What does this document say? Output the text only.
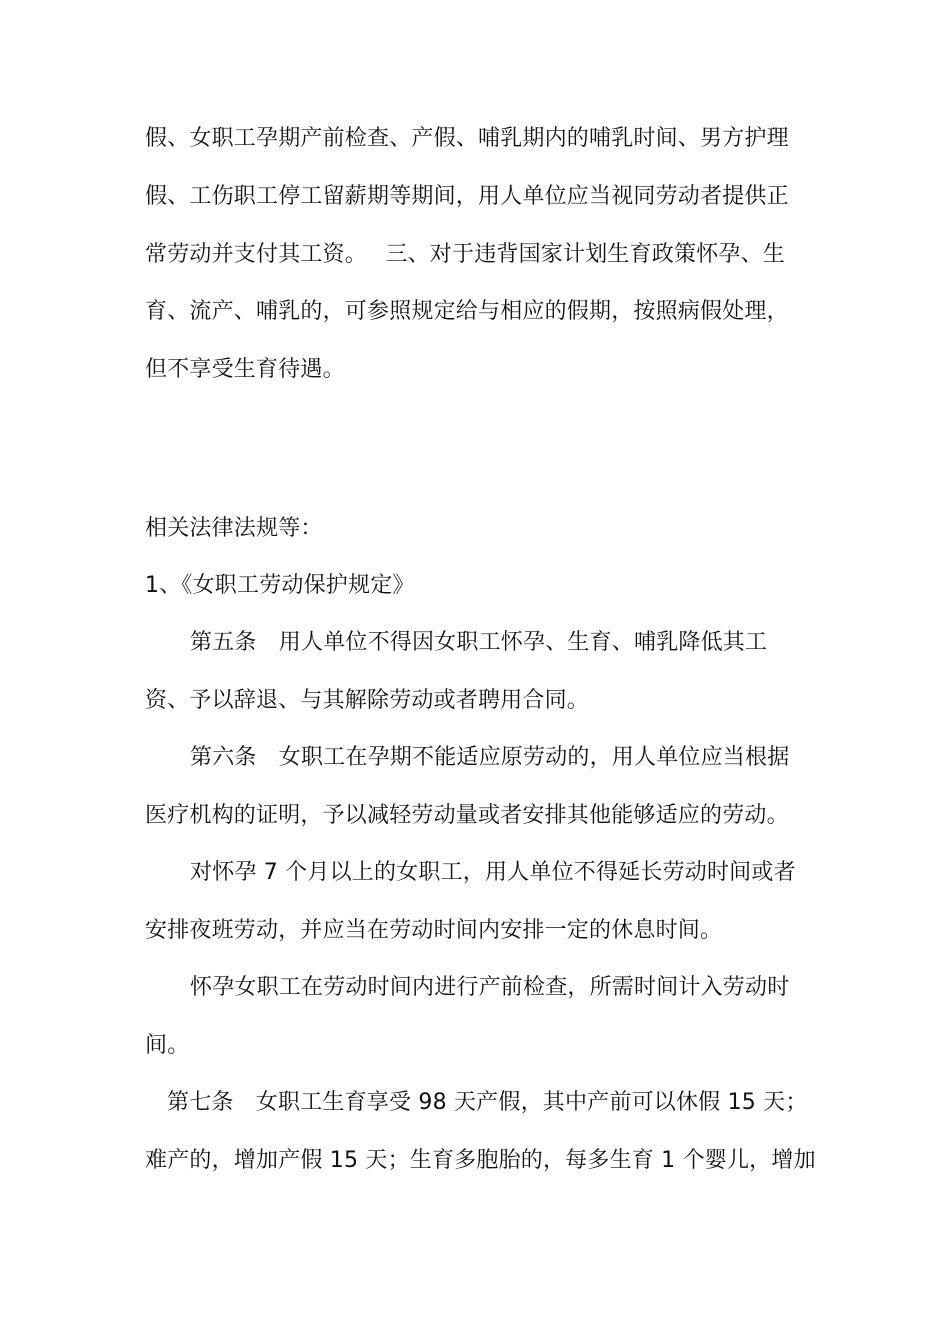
假、女职工孕期产前检查、产假、哺乳期内的哺乳时间、男方护理
假、工伤职工停工留薪期等期间，用人单位应当视同劳动者提供正
常劳动并支付其工资。　 三、对于违背国家计划生育政策怀孕、生
育、流产、哺乳的，可参照规定给与相应的假期，按照病假处理，
但不享受生育待遇。
相关法律法规等：
1、《女职工劳动保护规定》
第五条　用人单位不得因女职工怀孕、生育、哺乳降低其工
资、予以辞退、与其解除劳动或者聘用合同。
第六条　女职工在孕期不能适应原劳动的，用人单位应当根据
医疗机构的证明，予以减轻劳动量或者安排其他能够适应的劳动。
对怀孕 7 个月以上的女职工，用人单位不得延长劳动时间或者
安排夜班劳动，并应当在劳动时间内安排一定的休息时间。
怀孕女职工在劳动时间内进行产前检查，所需时间计入劳动时
间。
第七条　女职工生育享受 98 天产假，其中产前可以休假 15 天；
难产的，增加产假 15 天；生育多胞胎的，每多生育 1 个婴儿，增加
